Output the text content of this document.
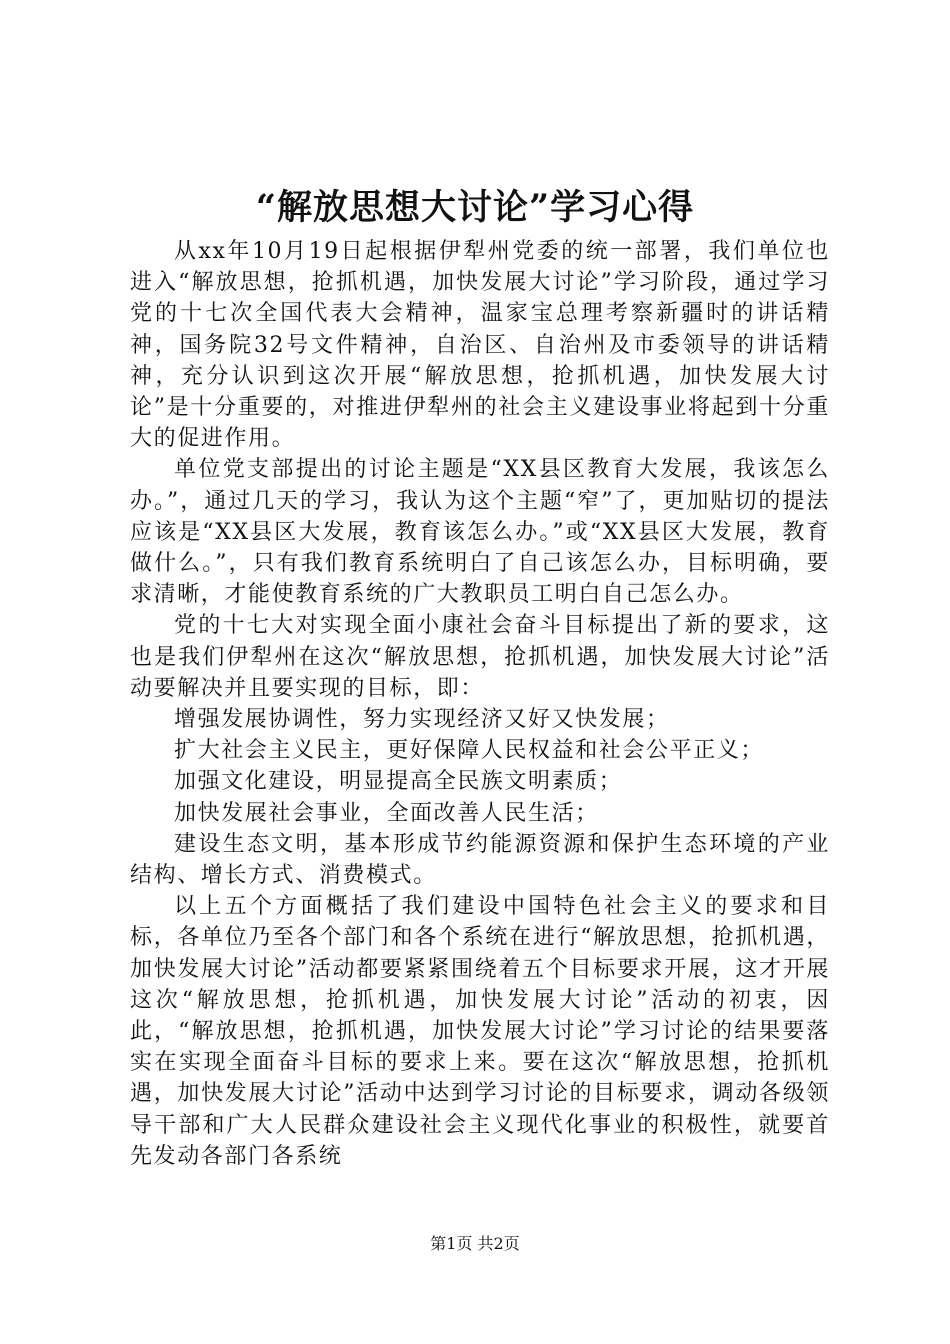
“解放思想大讨论”学习心得

从xx年10月19日起根据伊犁州党委的统一部署，我们单位也进入“解放思想，抢抓机遇，加快发展大讨论”学习阶段，通过学习党的十七次全国代表大会精神，温家宝总理考察新疆时的讲话精神，国务院32号文件精神，自治区、自治州及市委领导的讲话精神，充分认识到这次开展“解放思想，抢抓机遇，加快发展大讨论”是十分重要的，对推进伊犁州的社会主义建设事业将起到十分重大的促进作用。

单位党支部提出的讨论主题是“XX县区教育大发展，我该怎么办。”，通过几天的学习，我认为这个主题“窄”了，更加贴切的提法应该是“XX县区大发展，教育该怎么办。”或“XX县区大发展，教育做什么。”，只有我们教育系统明白了自己该怎么办，目标明确，要求清晰，才能使教育系统的广大教职员工明白自己怎么办。

党的十七大对实现全面小康社会奋斗目标提出了新的要求，这也是我们伊犁州在这次“解放思想，抢抓机遇，加快发展大讨论”活动要解决并且要实现的目标，即：

增强发展协调性，努力实现经济又好又快发展；

扩大社会主义民主，更好保障人民权益和社会公平正义；

加强文化建设，明显提高全民族文明素质；

加快发展社会事业，全面改善人民生活；

建设生态文明，基本形成节约能源资源和保护生态环境的产业结构、增长方式、消费模式。

以上五个方面概括了我们建设中国特色社会主义的要求和目标，各单位乃至各个部门和各个系统在进行“解放思想，抢抓机遇，加快发展大讨论”活动都要紧紧围绕着五个目标要求开展，这才开展这次“解放思想，抢抓机遇，加快发展大讨论”活动的初衷，因此，“解放思想，抢抓机遇，加快发展大讨论”学习讨论的结果要落实在实现全面奋斗目标的要求上来。要在这次“解放思想，抢抓机遇，加快发展大讨论”活动中达到学习讨论的目标要求，调动各级领导干部和广大人民群众建设社会主义现代化事业的积极性，就要首先发动各部门各系统

第1页 共2页
